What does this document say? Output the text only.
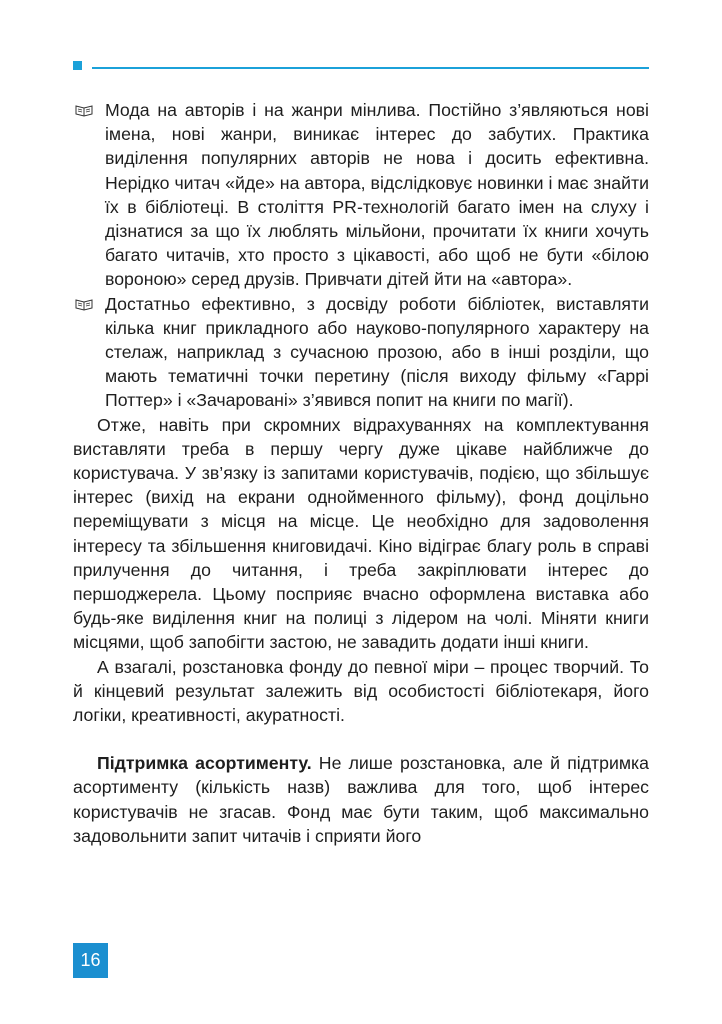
Мода на авторів і на жанри мінлива. Постійно з’являються нові імена, нові жанри, виникає інтерес до забутих. Практика виділення популярних авторів не нова і досить ефективна. Нерідко читач «йде» на автора, відслідковує новинки і має знайти їх в бібліотеці. В століття PR-технологій багато імен на слуху і дізнатися за що їх люблять мільйони, прочитати їх книги хочуть багато читачів, хто просто з цікавості, або щоб не бути «білою вороною» серед друзів. Привчати дітей йти на «автора».
Достатньо ефективно, з досвіду роботи бібліотек, виставляти кілька книг прикладного або науково-популярного характеру на стелаж, наприклад з сучасною прозою, або в інші розділи, що мають тематичні точки перетину (після виходу фільму «Гаррі Поттер» і «Зачаровані» з’явився попит на книги по магії).

Отже, навіть при скромних відрахуваннях на комплектування виставляти треба в першу чергу дуже цікаве найближче до користувача. У зв’язку із запитами користувачів, подією, що збільшує інтерес (вихід на екрани однойменного фільму), фонд доцільно переміщувати з місця на місце. Це необхідно для задоволення інтересу та збільшення книговидачі. Кіно відіграє благу роль в справі прилучення до читання, і треба закріплювати інтерес до першоджерела. Цьому посприяє вчасно оформлена виставка або будь-яке виділення книг на полиці з лідером на чолі. Міняти книги місцями, щоб запобігти застою, не завадить додати інші книги.

А взагалі, розстановка фонду до певної міри – процес творчий. То й кінцевий результат залежить від особистості бібліотекаря, його логіки, креативності, акуратності.

Підтримка асортименту. Не лише розстановка, але й підтримка асортименту (кількість назв) важлива для того, щоб інтерес користувачів не згасав. Фонд має бути таким, щоб максимально задовольнити запит читачів і сприяти його

16
